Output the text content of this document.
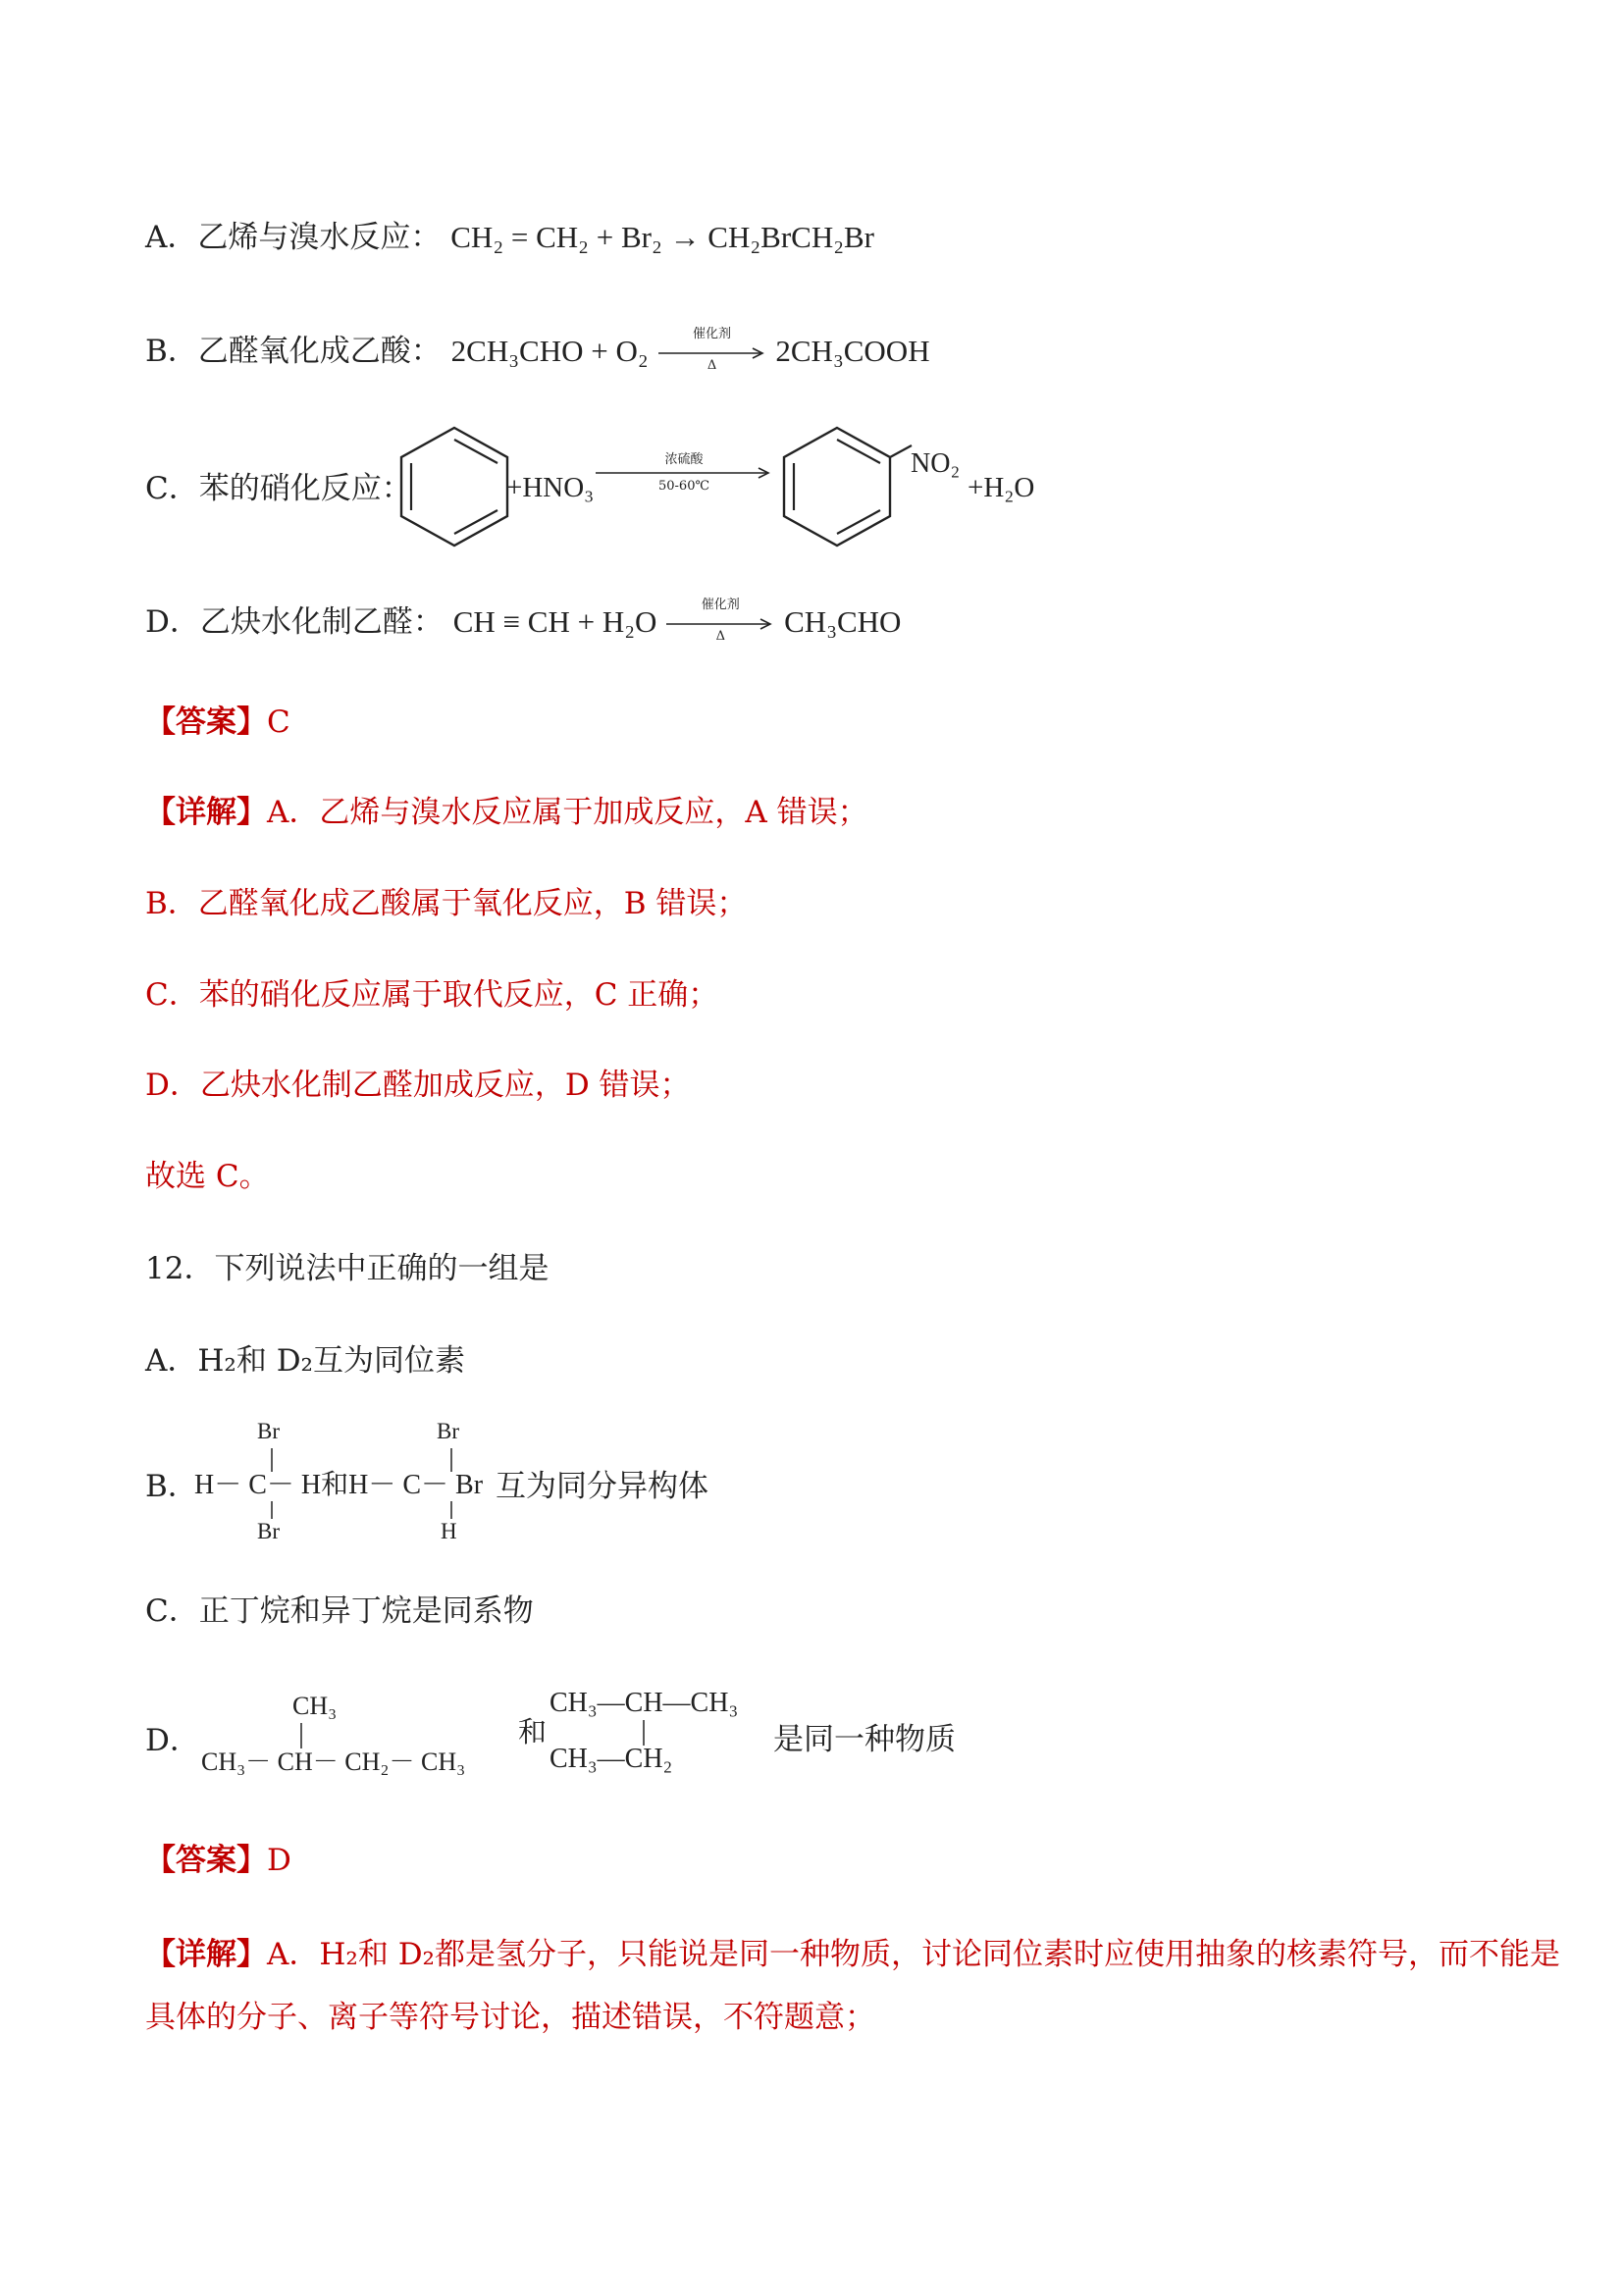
A．乙烯与溴水反应： CH₂ = CH₂ + Br₂ → CH₂BrCH₂Br
B．乙醛氧化成乙酸： 2CH₃CHO + O₂	催化剂
Δ	2CH₃COOH
C．苯的硝化反应：	+HNO₃
浓硫酸
50-60℃
NO₂
+H₂O
D．乙炔水化制乙醛： CH ≡ CH + H₂O	催化剂
Δ	CH₃CHO
【答案】C
【详解】A．乙烯与溴水反应属于加成反应，A 错误；
B．乙醛氧化成乙酸属于氧化反应，B 错误；
C．苯的硝化反应属于取代反应，C 正确；
D．乙炔水化制乙醛加成反应，D 错误；
故选 C。
12．下列说法中正确的一组是
A．H₂和 D₂互为同位素
B．
H－ C－ H和H－ C－ Br 互为同分异构体
Br
Br
Br
H
C．正丁烷和异丁烷是同系物
D．
CH₃
CH₃－ CH－ CH₂－ CH₃
和
CH₃—CH—CH₃
CH₃—CH₂
是同一种物质
【答案】D
【详解】A．H₂和 D₂都是氢分子，只能说是同一种物质，讨论同位素时应使用抽象的核素符号，而不能是
具体的分子、离子等符号讨论，描述错误，不符题意；
